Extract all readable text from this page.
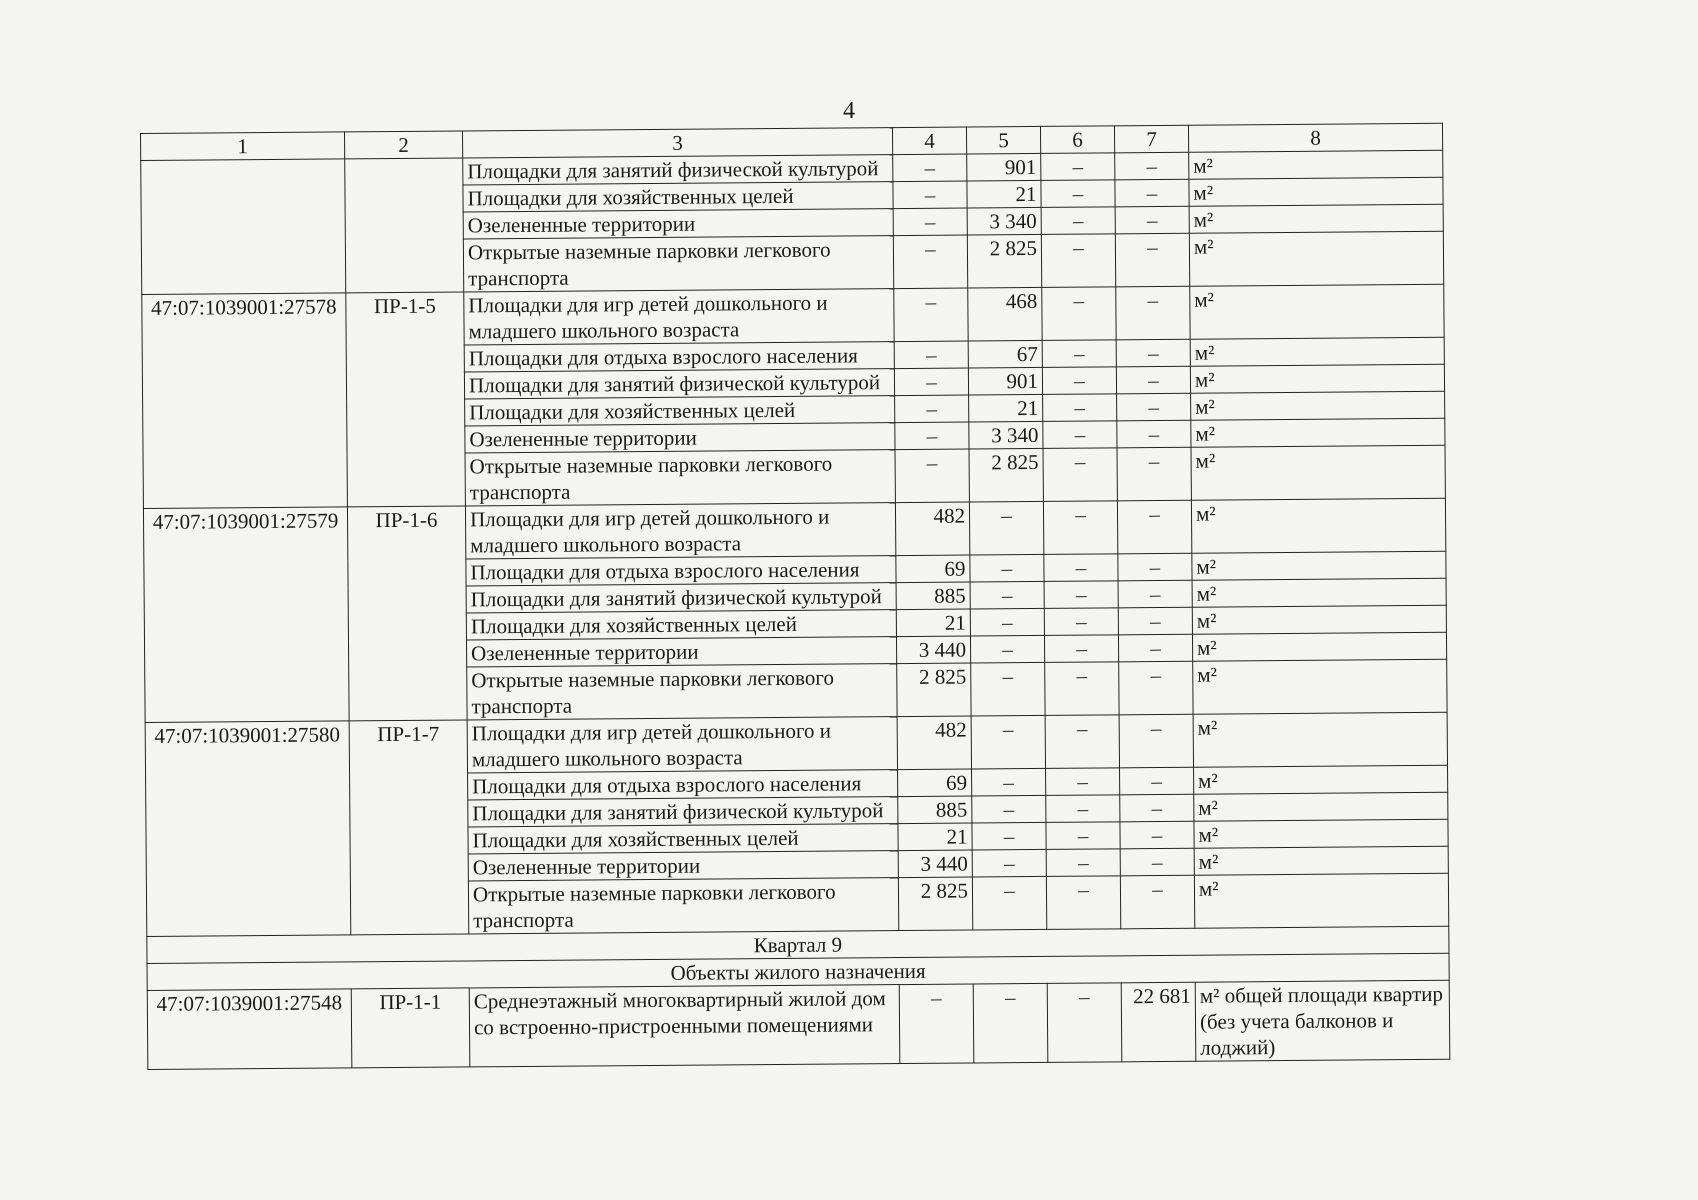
4
1	2	3	4	5	6	7	8
		Площадки для занятий физической культурой	–	901	–	–	м²
		Площадки для хозяйственных целей	–	21	–	–	м²
		Озелененные территории	–	3 340	–	–	м²
		Открытые наземные парковки легкового транспорта	–	2 825	–	–	м²
47:07:1039001:27578	ПР-1-5	Площадки для игр детей дошкольного и младшего школьного возраста	–	468	–	–	м²
		Площадки для отдыха взрослого населения	–	67	–	–	м²
		Площадки для занятий физической культурой	–	901	–	–	м²
		Площадки для хозяйственных целей	–	21	–	–	м²
		Озелененные территории	–	3 340	–	–	м²
		Открытые наземные парковки легкового транспорта	–	2 825	–	–	м²
47:07:1039001:27579	ПР-1-6	Площадки для игр детей дошкольного и младшего школьного возраста	482	–	–	–	м²
		Площадки для отдыха взрослого населения	69	–	–	–	м²
		Площадки для занятий физической культурой	885	–	–	–	м²
		Площадки для хозяйственных целей	21	–	–	–	м²
		Озелененные территории	3 440	–	–	–	м²
		Открытые наземные парковки легкового транспорта	2 825	–	–	–	м²
47:07:1039001:27580	ПР-1-7	Площадки для игр детей дошкольного и младшего школьного возраста	482	–	–	–	м²
		Площадки для отдыха взрослого населения	69	–	–	–	м²
		Площадки для занятий физической культурой	885	–	–	–	м²
		Площадки для хозяйственных целей	21	–	–	–	м²
		Озелененные территории	3 440	–	–	–	м²
		Открытые наземные парковки легкового транспорта	2 825	–	–	–	м²
Квартал 9							
Объекты жилого назначения							
47:07:1039001:27548	ПР-1-1	Среднеэтажный многоквартирный жилой дом со встроенно-пристроенными помещениями	–	–	–	22 681	м² общей площади квартир (без учета балконов и лоджий)
